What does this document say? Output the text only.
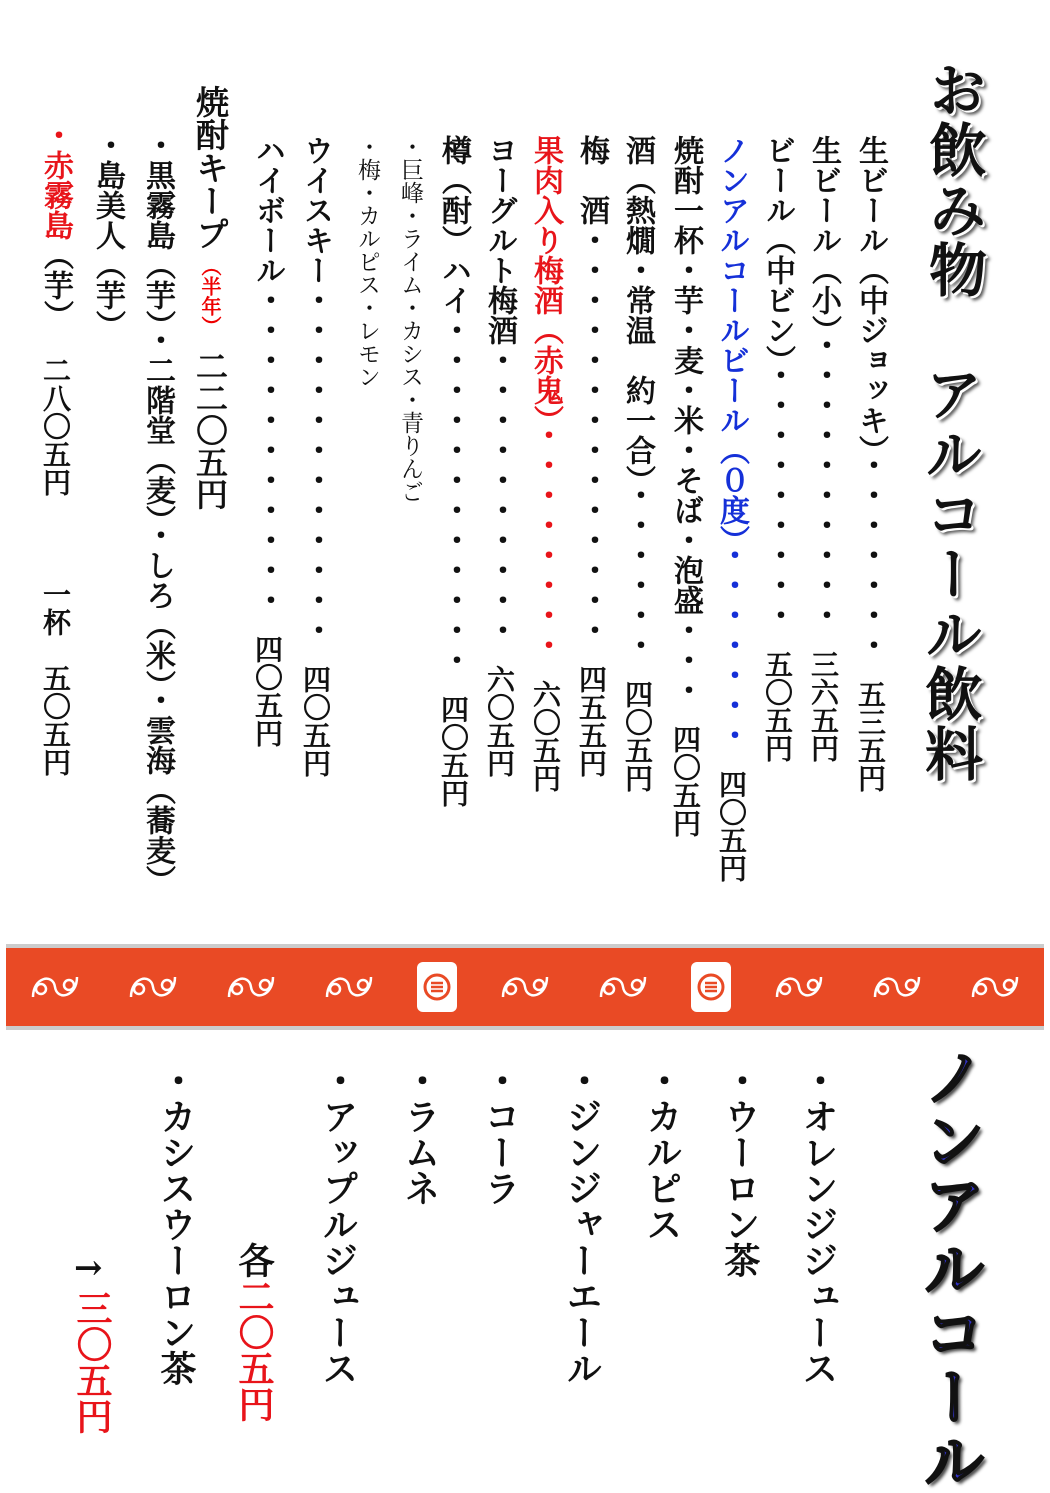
お飲み物
アルコール飲料
生ビール（中ジョッキ）・・・・・・・五三五円
生ビール（小）・・・・・・・・・・三六五円
ビール（中ビン）・・・・・・・・・五〇五円
ノンアルコールビール（０度）・・・・・・・四〇五円
焼酎一杯・芋・麦・米・そば・泡盛・・・四〇五円
酒（熱燗・常温　約一合）・・・・・・四〇五円
梅　酒・・・・・・・・・・・・・・四五五円
果肉入り梅酒（赤鬼）・・・・・・・・六〇五円
ヨーグルト梅酒・・・・・・・・・・六〇五円
樽（酎）ハイ・・・・・・・・・・・・四〇五円
・巨峰・ライム・カシス・青りんご
・梅・カルピス・レモン
ウイスキー・・・・・・・・・・・・四〇五円
ハイボール・・・・・・・・・・・四〇五円
焼酎キープ（半年）二二〇五円
・黒霧島（芋）・二階堂（麦）・しろ（米）・雲海（蕎麦）
・島美人（芋）
・赤霧島（芋）二八〇五円一杯　五〇五円
ノンアルコール
・オレンジジュース
・ウーロン茶
・カルピス
・ジンジャーエール
・コーラ
・ラムネ
・アップルジュース
各二〇五円
・カシスウーロン茶
→
三〇五円
